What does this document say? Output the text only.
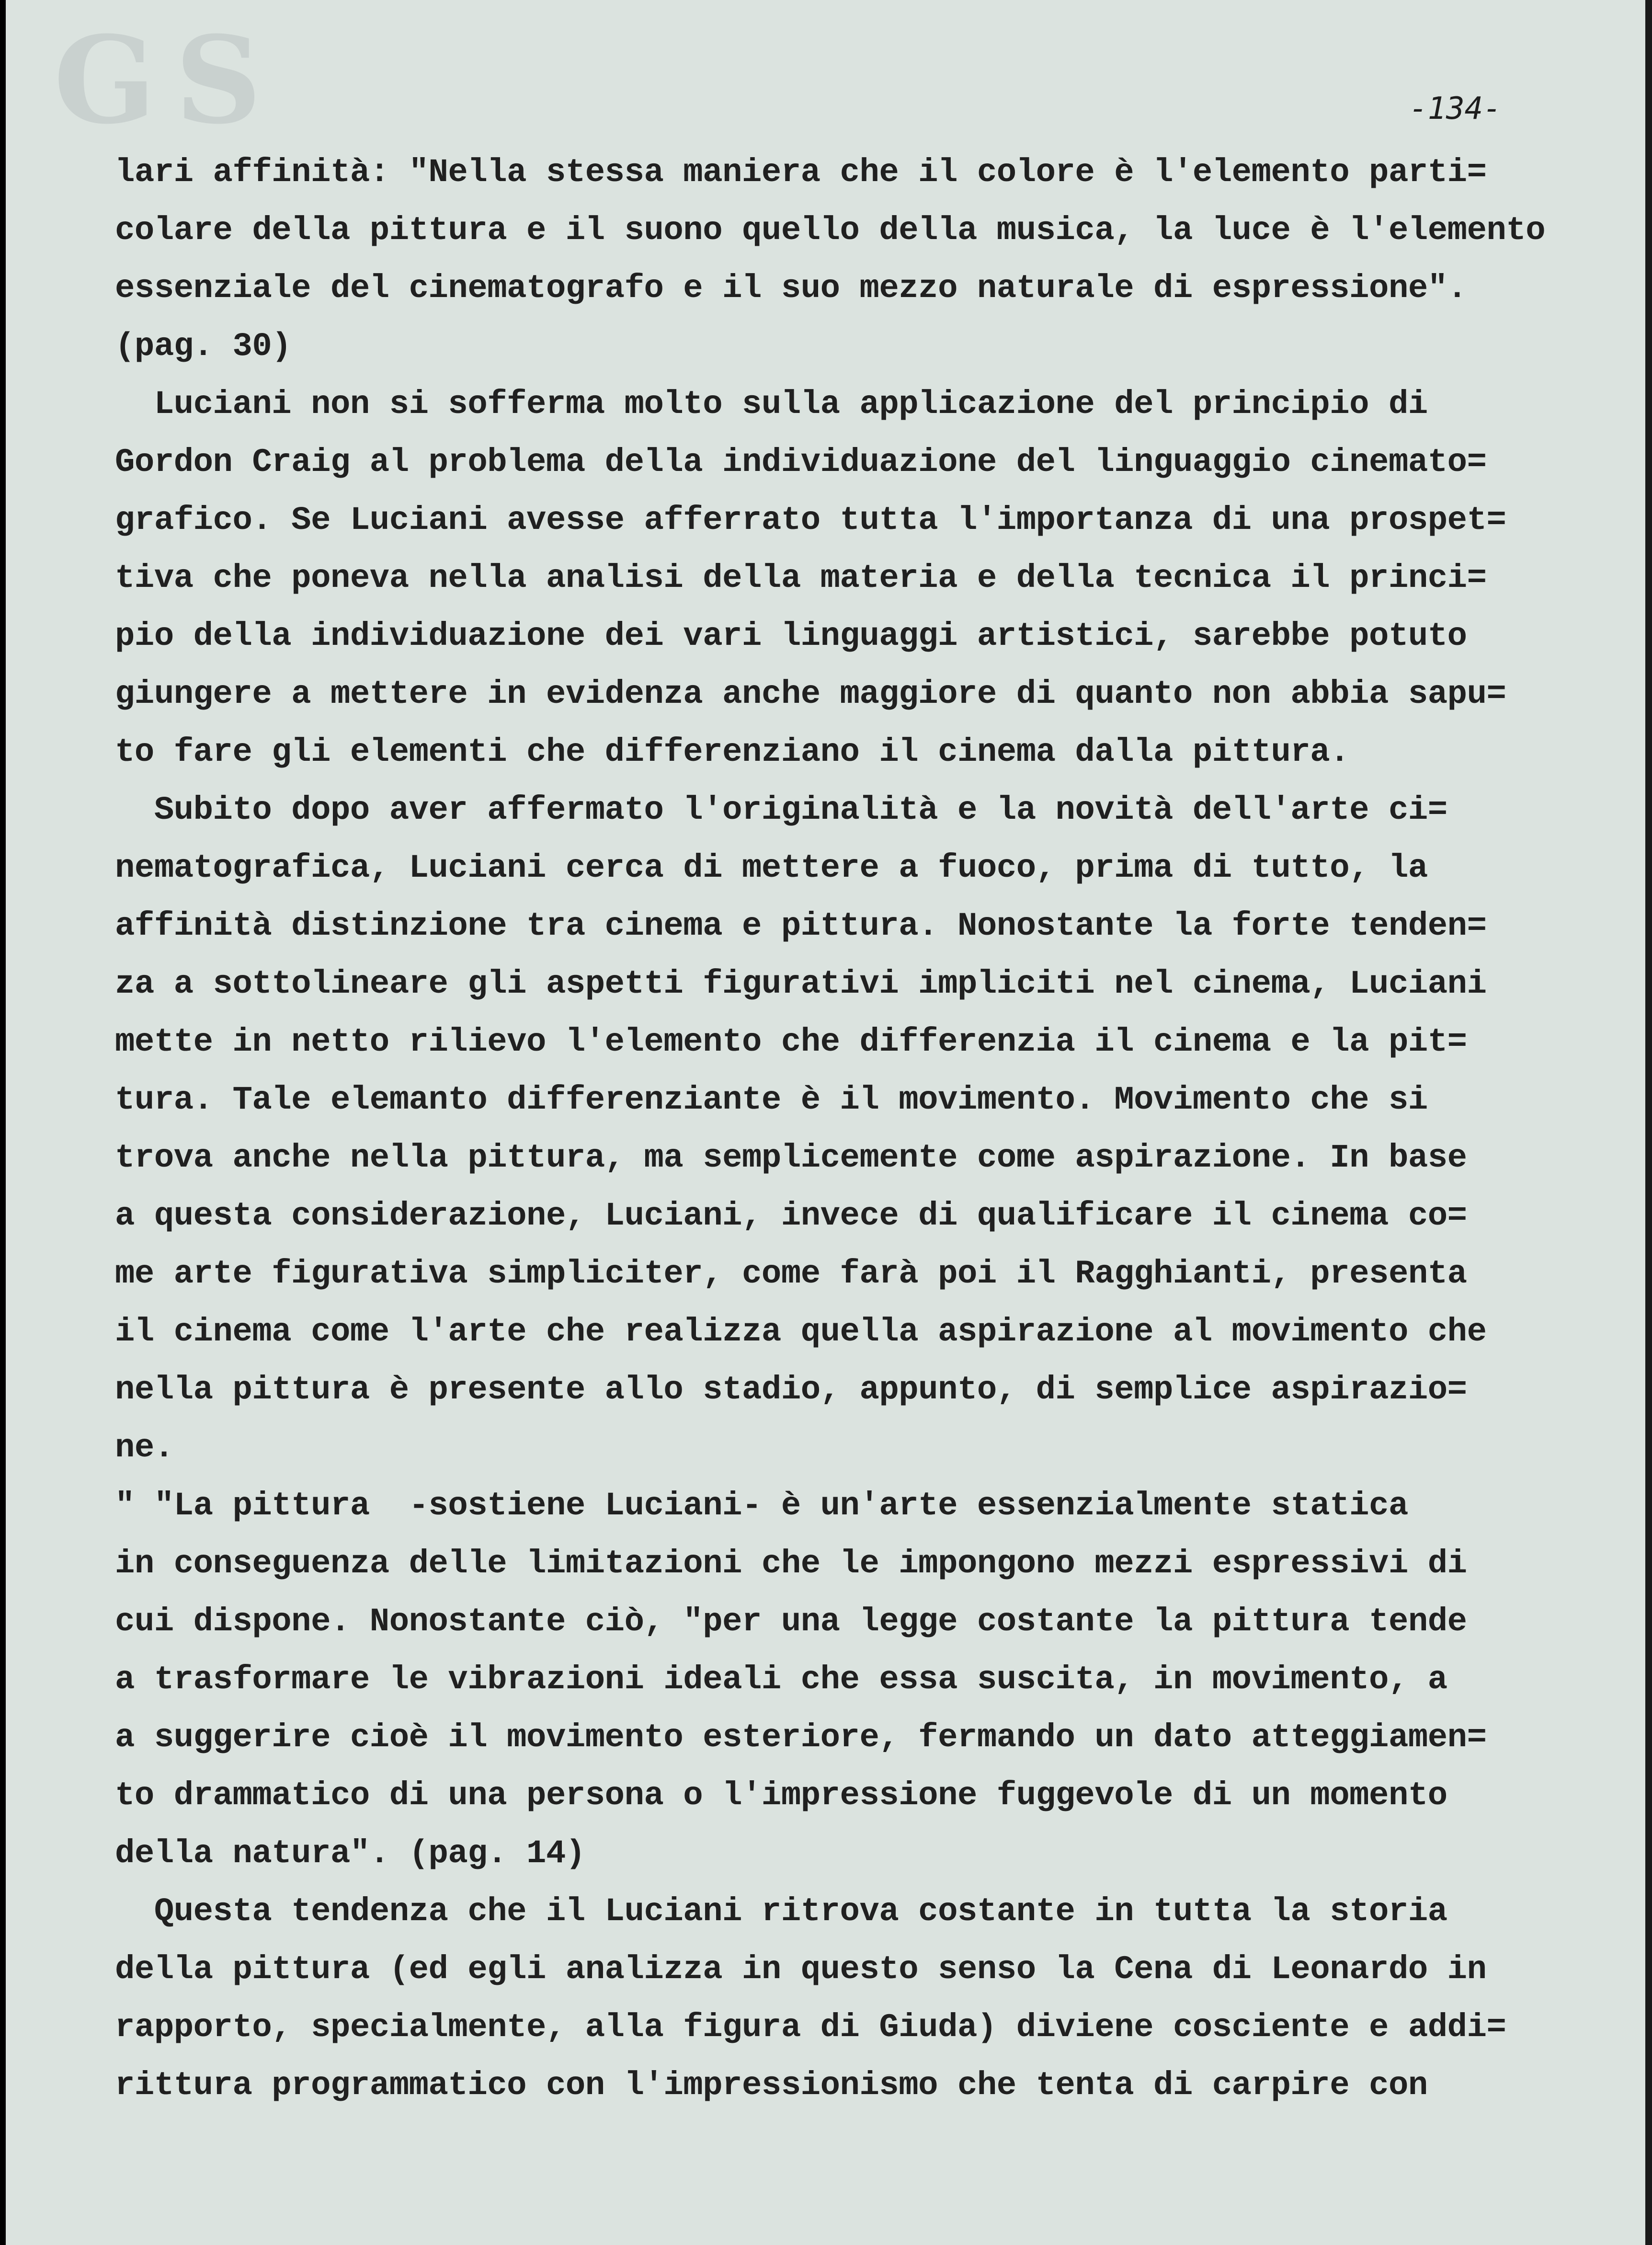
GS	-134-
lari affinità: "Nella stessa maniera che il colore è l'elemento parti=
colare della pittura e il suono quello della musica, la luce è l'elemento
essenziale del cinematografo e il suo mezzo naturale di espressione".
(pag. 30)
Luciani non si sofferma molto sulla applicazione del principio di
Gordon Craig al problema della individuazione del linguaggio cinemato=
grafico. Se Luciani avesse afferrato tutta l'importanza di una prospet=
tiva che poneva nella analisi della materia e della tecnica il princi=
pio della individuazione dei vari linguaggi artistici, sarebbe potuto
giungere a mettere in evidenza anche maggiore di quanto non abbia sapu=
to fare gli elementi che differenziano il cinema dalla pittura.
Subito dopo aver affermato l'originalità e la novità dell'arte ci=
nematografica, Luciani cerca di mettere a fuoco, prima di tutto, la
affinità distinzione tra cinema e pittura. Nonostante la forte tenden=
za a sottolineare gli aspetti figurativi impliciti nel cinema, Luciani
mette in netto rilievo l'elemento che differenzia il cinema e la pit=
tura. Tale elemanto differenziante è il movimento. Movimento che si
trova anche nella pittura, ma semplicemente come aspirazione. In base
a questa considerazione, Luciani, invece di qualificare il cinema co=
me arte figurativa simpliciter, come farà poi il Ragghianti, presenta
il cinema come l'arte che realizza quella aspirazione al movimento che
nella pittura è presente allo stadio, appunto, di semplice aspirazio=
ne.
" "La pittura  -sostiene Luciani- è un'arte essenzialmente statica
in conseguenza delle limitazioni che le impongono mezzi espressivi di
cui dispone. Nonostante ciò, "per una legge costante la pittura tende
a trasformare le vibrazioni ideali che essa suscita, in movimento, a
a suggerire cioè il movimento esteriore, fermando un dato atteggiamen=
to drammatico di una persona o l'impressione fuggevole di un momento
della natura". (pag. 14)
Questa tendenza che il Luciani ritrova costante in tutta la storia
della pittura (ed egli analizza in questo senso la Cena di Leonardo in
rapporto, specialmente, alla figura di Giuda) diviene cosciente e addi=
rittura programmatico con l'impressionismo che tenta di carpire con
